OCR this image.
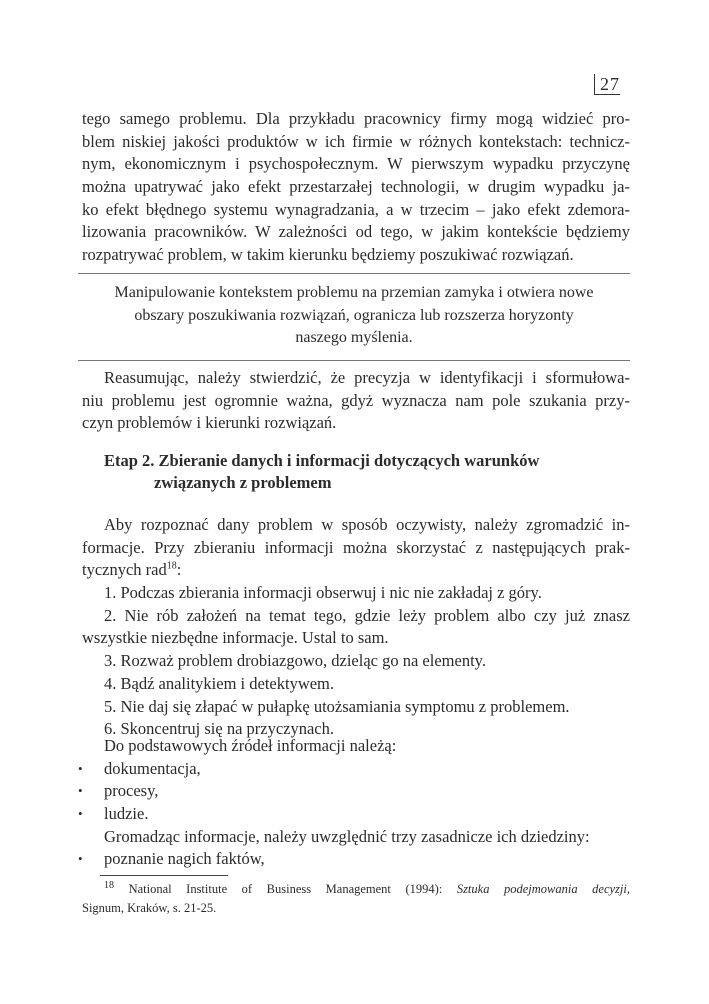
27
tego samego problemu. Dla przykładu pracownicy firmy mogą widzieć pro-
blem niskiej jakości produktów w ich firmie w różnych kontekstach: technicz-
nym, ekonomicznym i psychospołecznym. W pierwszym wypadku przyczynę
można upatrywać jako efekt przestarzałej technologii, w drugim wypadku ja-
ko efekt błędnego systemu wynagradzania, a w trzecim – jako efekt zdemora-
lizowania pracowników. W zależności od tego, w jakim kontekście będziemy
rozpatrywać problem, w takim kierunku będziemy poszukiwać rozwiązań.
Manipulowanie kontekstem problemu na przemian zamyka i otwiera nowe
obszary poszukiwania rozwiązań, ogranicza lub rozszerza horyzonty
naszego myślenia.
Reasumując, należy stwierdzić, że precyzja w identyfikacji i sformułowa-
niu problemu jest ogromnie ważna, gdyż wyznacza nam pole szukania przy-
czyn problemów i kierunki rozwiązań.
Etap 2. Zbieranie danych i informacji dotyczących warunków
związanych z problemem
Aby rozpoznać dany problem w sposób oczywisty, należy zgromadzić in-
formacje. Przy zbieraniu informacji można skorzystać z następujących prak-
tycznych rad$^{18}$:
1. Podczas zbierania informacji obserwuj i nic nie zakładaj z góry.
2. Nie rób założeń na temat tego, gdzie leży problem albo czy już znasz
wszystkie niezbędne informacje. Ustal to sam.
3. Rozważ problem drobiazgowo, dzieląc go na elementy.
4. Bądź analitykiem i detektywem.
5. Nie daj się złapać w pułapkę utożsamiania symptomu z problemem.
6. Skoncentruj się na przyczynach.
Do podstawowych źródeł informacji należą:
• dokumentacja,
• procesy,
• ludzie.
Gromadząc informacje, należy uwzględnić trzy zasadnicze ich dziedziny:
• poznanie nagich faktów,
$^{18}$ National Institute of Business Management (1994): Sztuka podejmowania decyzji,
Signum, Kraków, s. 21-25.
